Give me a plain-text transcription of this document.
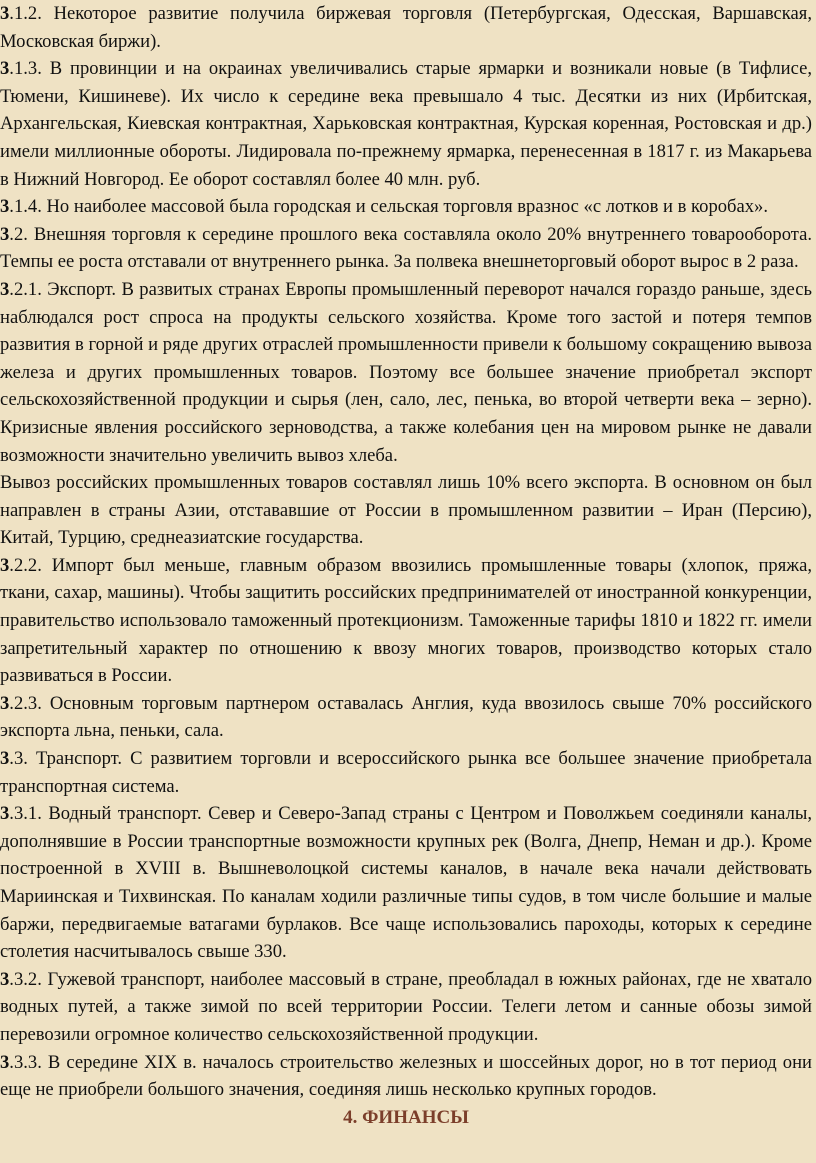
3.1.2. Некоторое развитие получила биржевая торговля (Петербургская, Одесская, Варшавская, Московская биржи).

3.1.3. В провинции и на окраинах увеличивались старые ярмарки и возникали новые (в Тифлисе, Тюмени, Кишиневе). Их число к середине века превышало 4 тыс. Десятки из них (Ирбитская, Архангельская, Киевская контрактная, Харьковская контрактная, Курская коренная, Ростовская и др.) имели миллионные обороты. Лидировала по-прежнему ярмарка, перенесенная в 1817 г. из Макарьева в Нижний Новгород. Ее оборот составлял более 40 млн. руб.

3.1.4. Но наиболее массовой была городская и сельская торговля вразнос «с лотков и в коробах».

3.2. Внешняя торговля к середине прошлого века составляла около 20% внутреннего товарооборота. Темпы ее роста отставали от внутреннего рынка. За полвека внешнеторговый оборот вырос в 2 раза.

3.2.1. Экспорт. В развитых странах Европы промышленный переворот начался гораздо раньше, здесь наблюдался рост спроса на продукты сельского хозяйства. Кроме того застой и потеря темпов развития в горной и ряде других отраслей промышленности привели к большому сокращению вывоза железа и других промышленных товаров. Поэтому все большее значение приобретал экспорт сельскохозяйственной продукции и сырья (лен, сало, лес, пенька, во второй четверти века – зерно). Кризисные явления российского зерноводства, а также колебания цен на мировом рынке не давали возможности значительно увеличить вывоз хлеба.

Вывоз российских промышленных товаров составлял лишь 10% всего экспорта. В основном он был направлен в страны Азии, отстававшие от России в промышленном развитии – Иран (Персию), Китай, Турцию, среднеазиатские государства.

3.2.2. Импорт был меньше, главным образом ввозились промышленные товары (хлопок, пряжа, ткани, сахар, машины). Чтобы защитить российских предпринимателей от иностранной конкуренции, правительство использовало таможенный протекционизм. Таможенные тарифы 1810 и 1822 гг. имели запретительный характер по отношению к ввозу многих товаров, производство которых стало развиваться в России.

3.2.3. Основным торговым партнером оставалась Англия, куда ввозилось свыше 70% российского экспорта льна, пеньки, сала.

3.3. Транспорт. С развитием торговли и всероссийского рынка все большее значение приобретала транспортная система.

3.3.1. Водный транспорт. Север и Северо-Запад страны с Центром и Поволжьем соединяли каналы, дополнявшие в России транспортные возможности крупных рек (Волга, Днепр, Неман и др.). Кроме построенной в XVIII в. Вышневолоцкой системы каналов, в начале века начали действовать Мариинская и Тихвинская. По каналам ходили различные типы судов, в том числе большие и малые баржи, передвигаемые ватагами бурлаков. Все чаще использовались пароходы, которых к середине столетия насчитывалось свыше 330.

3.3.2. Гужевой транспорт, наиболее массовый в стране, преобладал в южных районах, где не хватало водных путей, а также зимой по всей территории России. Телеги летом и санные обозы зимой перевозили огромное количество сельскохозяйственной продукции.

3.3.3. В середине XIX в. началось строительство железных и шоссейных дорог, но в тот период они еще не приобрели большого значения, соединяя лишь несколько крупных городов.

4. ФИНАНСЫ
